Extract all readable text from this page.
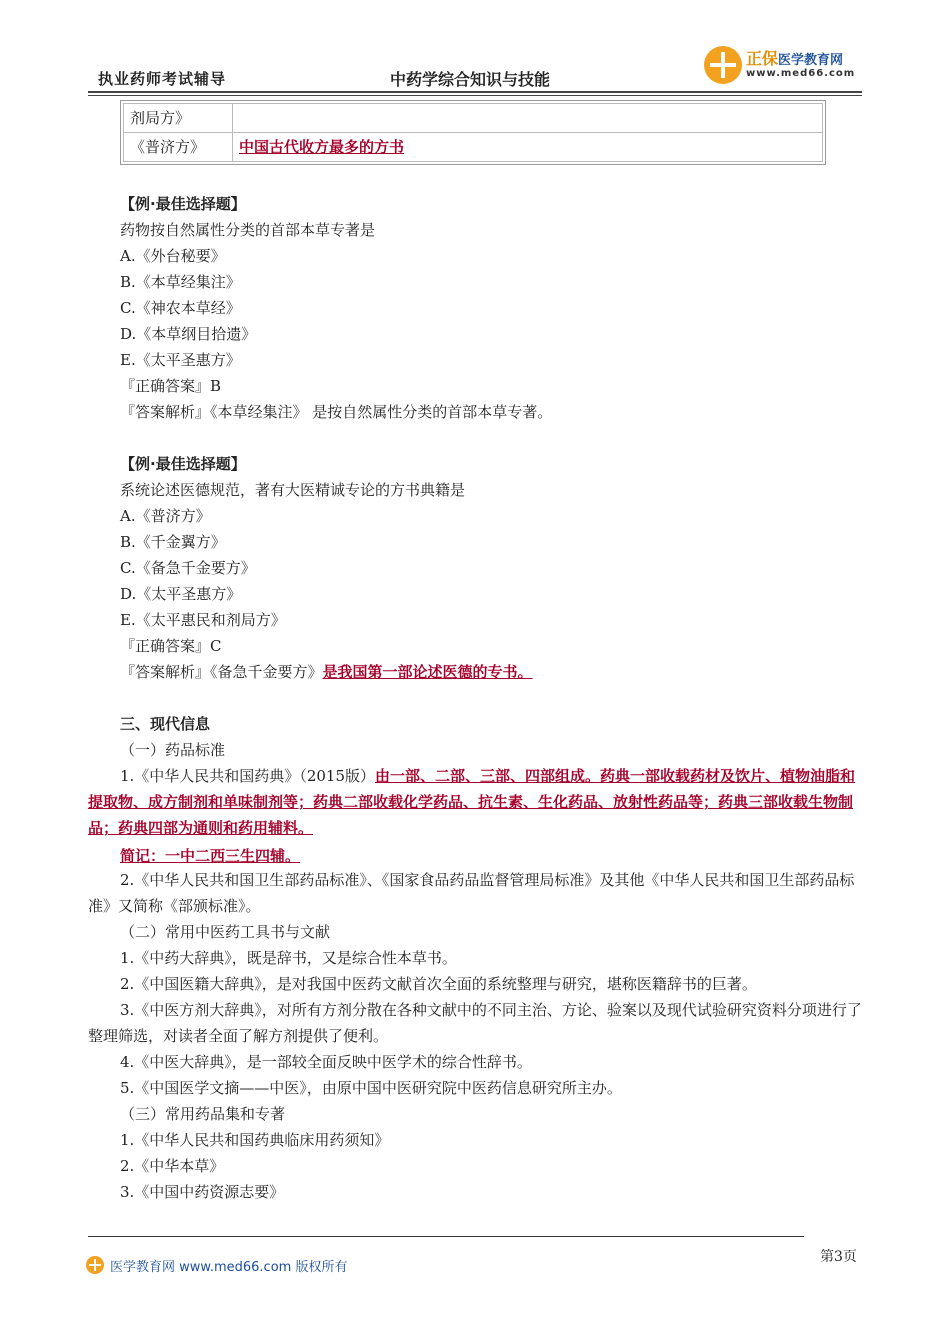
执业药师考试辅导	中药学综合知识与技能
正保医学教育网
www.med66.com
剂局方》
《普济方》	中国古代收方最多的方书
【例·最佳选择题】
药物按自然属性分类的首部本草专著是
A.《外台秘要》
B.《本草经集注》
C.《神农本草经》
D.《本草纲目拾遗》
E.《太平圣惠方》
『正确答案』B
『答案解析』《本草经集注》 是按自然属性分类的首部本草专著。
【例·最佳选择题】
系统论述医德规范，著有大医精诚专论的方书典籍是
A.《普济方》
B.《千金翼方》
C.《备急千金要方》
D.《太平圣惠方》
E.《太平惠民和剂局方》
『正确答案』C
『答案解析』《备急千金要方》是我国第一部论述医德的专书。
三、现代信息
（一）药品标准
1.《中华人民共和国药典》（2015版）由一部、二部、三部、四部组成。药典一部收载药材及饮片、植物油脂和提取物、成方制剂和单味制剂等；药典二部收载化学药品、抗生素、生化药品、放射性药品等；药典三部收载生物制品；药典四部为通则和药用辅料。
简记：一中二西三生四辅。
2.《中华人民共和国卫生部药品标准》、《国家食品药品监督管理局标准》及其他《中华人民共和国卫生部药品标准》又简称《部颁标准》。
（二）常用中医药工具书与文献
1.《中药大辞典》，既是辞书，又是综合性本草书。
2.《中国医籍大辞典》，是对我国中医药文献首次全面的系统整理与研究，堪称医籍辞书的巨著。
3.《中医方剂大辞典》，对所有方剂分散在各种文献中的不同主治、方论、验案以及现代试验研究资料分项进行了整理筛选，对读者全面了解方剂提供了便利。
4.《中医大辞典》，是一部较全面反映中医学术的综合性辞书。
5.《中国医学文摘——中医》，由原中国中医研究院中医药信息研究所主办。
（三）常用药品集和专著
1.《中华人民共和国药典临床用药须知》
2.《中华本草》
3.《中国中药资源志要》
医学教育网 www.med66.com 版权所有
第3页
